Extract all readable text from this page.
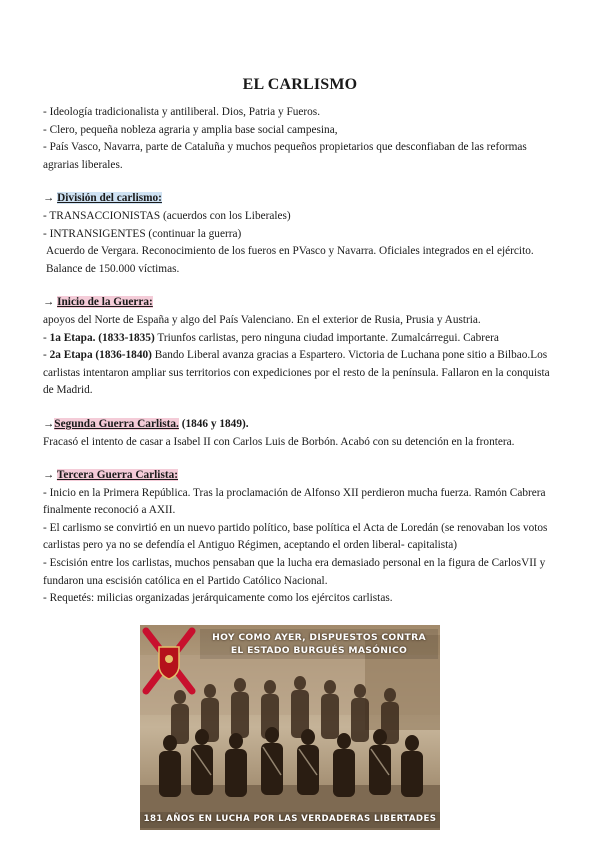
EL CARLISMO

- Ideología tradicionalista y antiliberal. Dios, Patria y Fueros.

- Clero, pequeña nobleza agraria y amplia base social campesina,

- País Vasco, Navarra, parte de Cataluña y muchos pequeños propietarios que desconfiaban de las reformas agrarias liberales.

→ División del carlismo:

- TRANSACCIONISTAS (acuerdos con los Liberales)

- INTRANSIGENTES (continuar la guerra)

Acuerdo de Vergara. Reconocimiento de los fueros en PVasco y Navarra. Oficiales integrados en el ejército. Balance de 150.000 víctimas.

→ Inicio de la Guerra:

apoyos del Norte de España y algo del País Valenciano. En el exterior de Rusia, Prusia y Austria.

- 1a Etapa. (1833-1835) Triunfos carlistas, pero ninguna ciudad importante. Zumalcárregui. Cabrera

- 2a Etapa (1836-1840) Bando Liberal avanza gracias a Espartero. Victoria de Luchana pone sitio a Bilbao.Los carlistas intentaron ampliar sus territorios con expediciones por el resto de la península. Fallaron en la conquista de Madrid.

→Segunda Guerra Carlista. (1846 y 1849).

Fracasó el intento de casar a Isabel II con Carlos Luis de Borbón. Acabó con su detención en la frontera.

→ Tercera Guerra Carlista:

- Inicio en la Primera República. Tras la proclamación de Alfonso XII perdieron mucha fuerza. Ramón Cabrera finalmente reconoció a AXII.

- El carlismo se convirtió en un nuevo partido político, base política el Acta de Loredán (se renovaban los votos carlistas pero ya no se defendía el Antiguo Régimen, aceptando el orden liberal- capitalista)

- Escisión entre los carlistas, muchos pensaban que la lucha era demasiado personal en la figura de CarlosVII y fundaron una escisión católica en el Partido Católico Nacional.

- Requetés: milicias organizadas jerárquicamente como los ejércitos carlistas.

HOY COMO AYER, DISPUESTOS CONTRA
EL ESTADO BURGUÉS MASÓNICO
181 AÑOS EN LUCHA POR LAS VERDADERAS LIBERTADES
